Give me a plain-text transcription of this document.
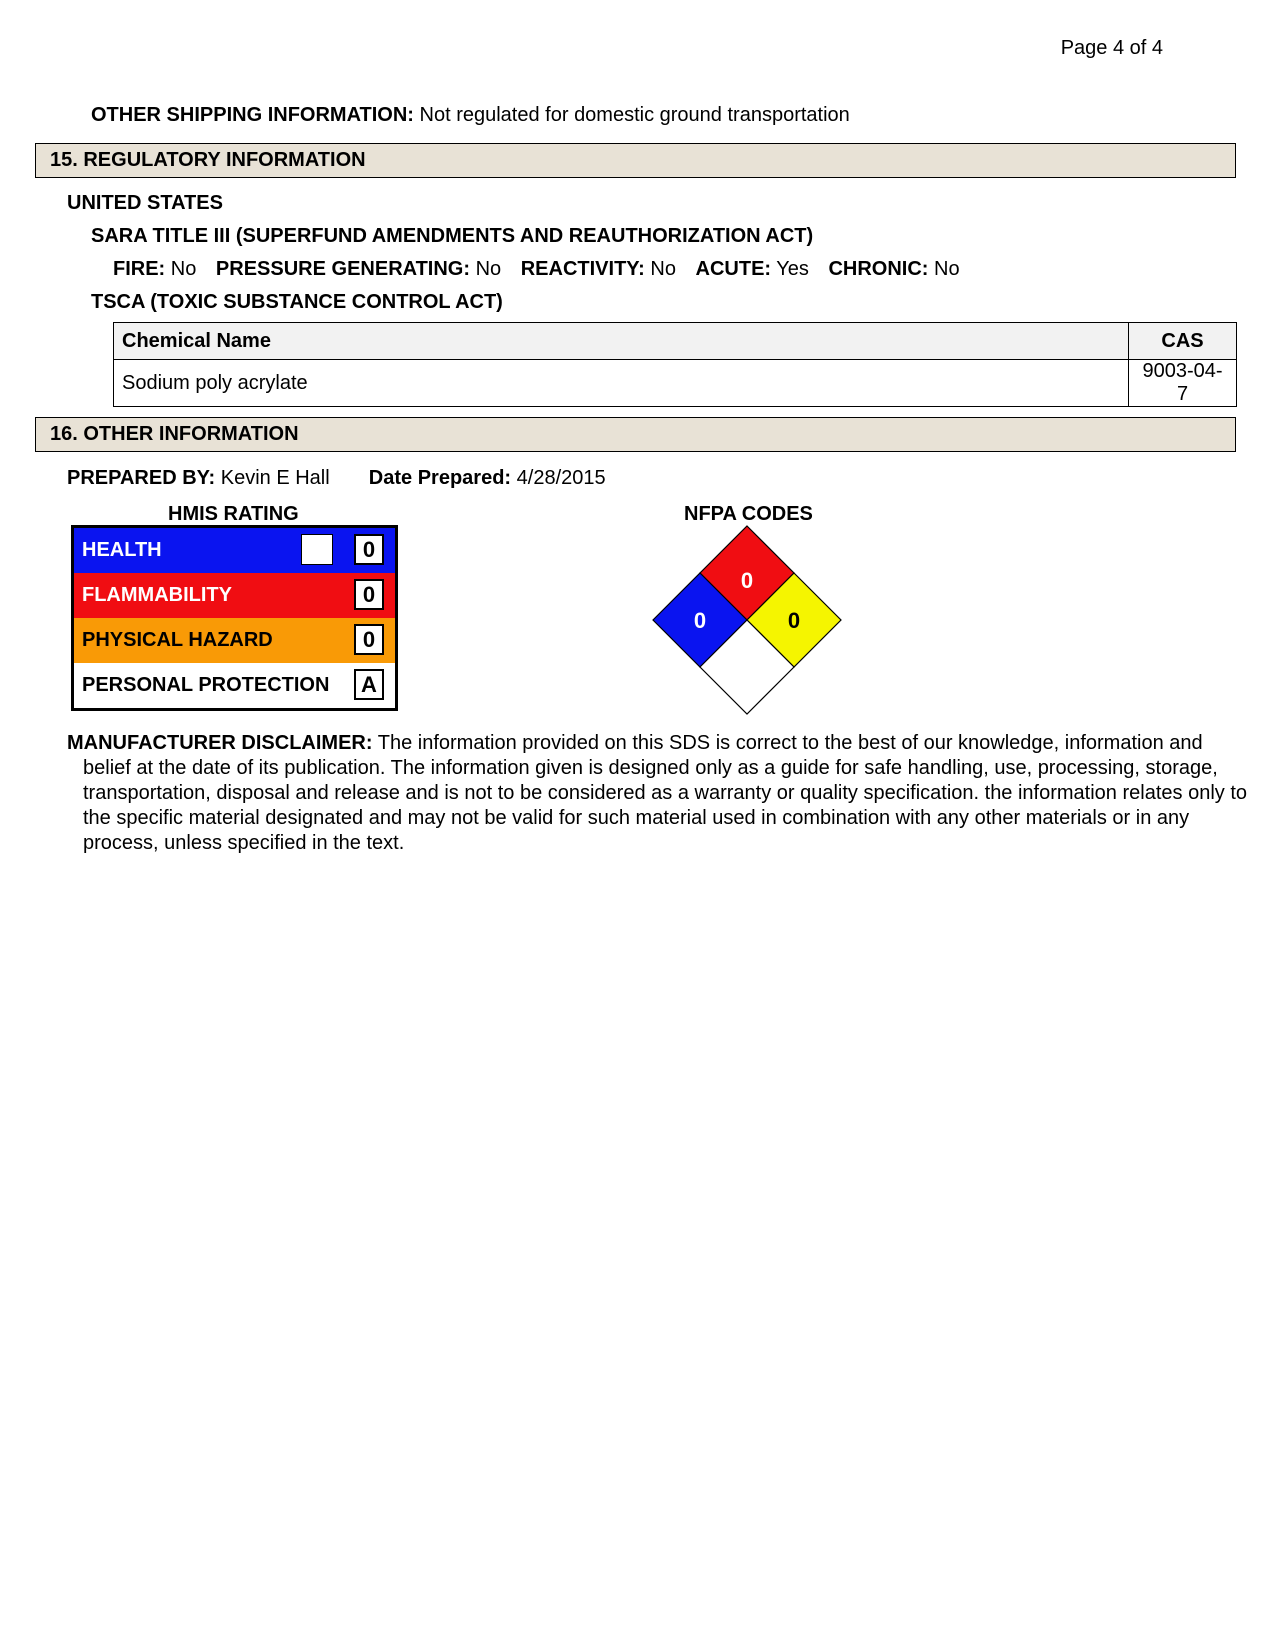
Page 4 of 4
OTHER SHIPPING INFORMATION: Not regulated for domestic ground transportation
15. REGULATORY INFORMATION
UNITED STATES
SARA TITLE III (SUPERFUND AMENDMENTS AND REAUTHORIZATION ACT)
FIRE: No PRESSURE GENERATING: No REACTIVITY: No ACUTE: Yes CHRONIC: No
TSCA (TOXIC SUBSTANCE CONTROL ACT)
Chemical Name	CAS
Sodium poly acrylate	9003-04-7
16. OTHER INFORMATION
PREPARED BY: Kevin E Hall Date Prepared: 4/28/2015
HMIS RATING	NFPA CODES
HEALTH	0
FLAMMABILITY	0
PHYSICAL HAZARD	0
PERSONAL PROTECTION	A
0
0	0
MANUFACTURER DISCLAIMER: The information provided on this SDS is correct to the best of our knowledge, information and belief at the date of its publication. The information given is designed only as a guide for safe handling, use, processing, storage, transportation, disposal and release and is not to be considered as a warranty or quality specification. the information relates only to the specific material designated and may not be valid for such material used in combination with any other materials or in any process, unless specified in the text.
